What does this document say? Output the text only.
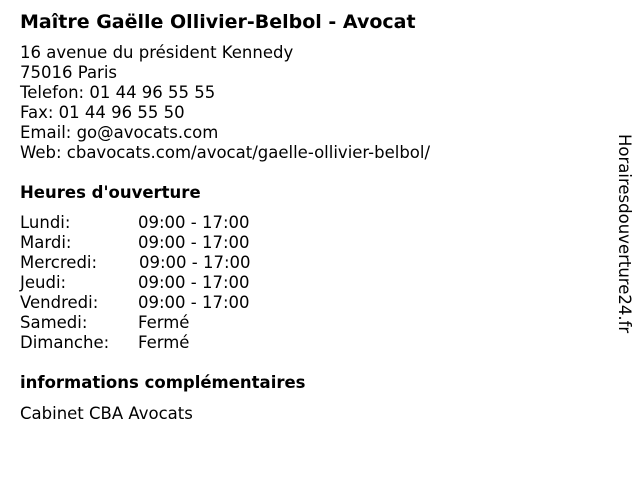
Maître Gaëlle Ollivier-Belbol - Avocat
16 avenue du président Kennedy
75016 Paris
Telefon: 01 44 96 55 55
Fax: 01 44 96 55 50
Email: go@avocats.com
Web: cbavocats.com/avocat/gaelle-ollivier-belbol/
Heures d'ouverture
Lundi:	09:00 - 17:00
Mardi:	09:00 - 17:00
Mercredi:	09:00 - 17:00
Jeudi:	09:00 - 17:00
Vendredi: 09:00 - 17:00
Samedi:	Fermé
Dimanche: Fermé
informations complémentaires
Cabinet CBA Avocats
Horairesdouverture24.fr
